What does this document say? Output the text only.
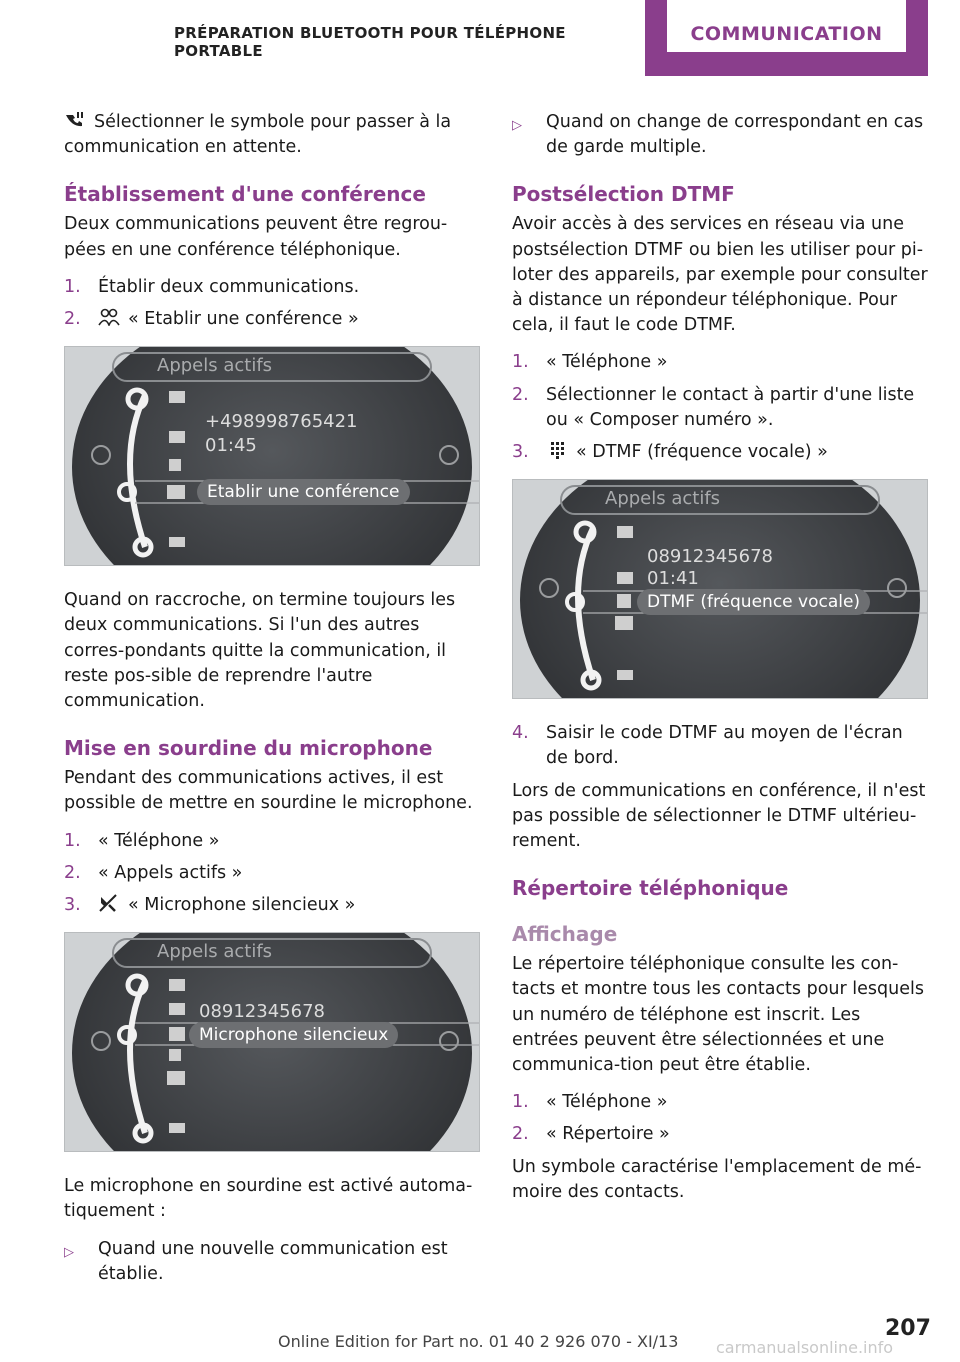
PRÉPARATION BLUETOOTH POUR TÉLÉPHONE PORTABLE
COMMUNICATION

Sélectionner le symbole pour passer à la communication en attente.

Établissement d'une conférence

Deux communications peuvent être regrou‐pées en une conférence téléphonique.

1. Établir deux communications.
2.	« Etablir une conférence »
Appels actifs
+498998765421
01:45
Etablir une conférence

Quand on raccroche, on termine toujours les deux communications. Si l'un des autres corres‐pondants quitte la communication, il reste pos‐sible de reprendre l'autre communication.

Mise en sourdine du microphone

Pendant des communications actives, il est possible de mettre en sourdine le microphone.

1. « Téléphone »
2. « Appels actifs »
3.	« Microphone silencieux »
Appels actifs
08912345678
Microphone silencieux

Le microphone en sourdine est activé automa‐tiquement :

▷	Quand une nouvelle communication est établie.
▷	Quand on change de correspondant en cas de garde multiple.
Postsélection DTMF

Avoir accès à des services en réseau via une postsélection DTMF ou bien les utiliser pour pi‐loter des appareils, par exemple pour consulter à distance un répondeur téléphonique. Pour cela, il faut le code DTMF.

1. « Téléphone »
2. Sélectionner le contact à partir d'une liste ou « Composer numéro ».
3.	« DTMF (fréquence vocale) »
Appels actifs
08912345678
01:41
DTMF (fréquence vocale)
4. Saisir le code DTMF au moyen de l'écran de bord.

Lors de communications en conférence, il n'est pas possible de sélectionner le DTMF ultérieu‐rement.

Répertoire téléphonique
Affichage

Le répertoire téléphonique consulte les con‐tacts et montre tous les contacts pour lesquels un numéro de téléphone est inscrit. Les entrées peuvent être sélectionnées et une communica‐tion peut être établie.

1. « Téléphone »
2. « Répertoire »

Un symbole caractérise l'emplacement de mé‐moire des contacts.

207
Online Edition for Part no. 01 40 2 926 070 - XI/13 carmanualsonline.info
